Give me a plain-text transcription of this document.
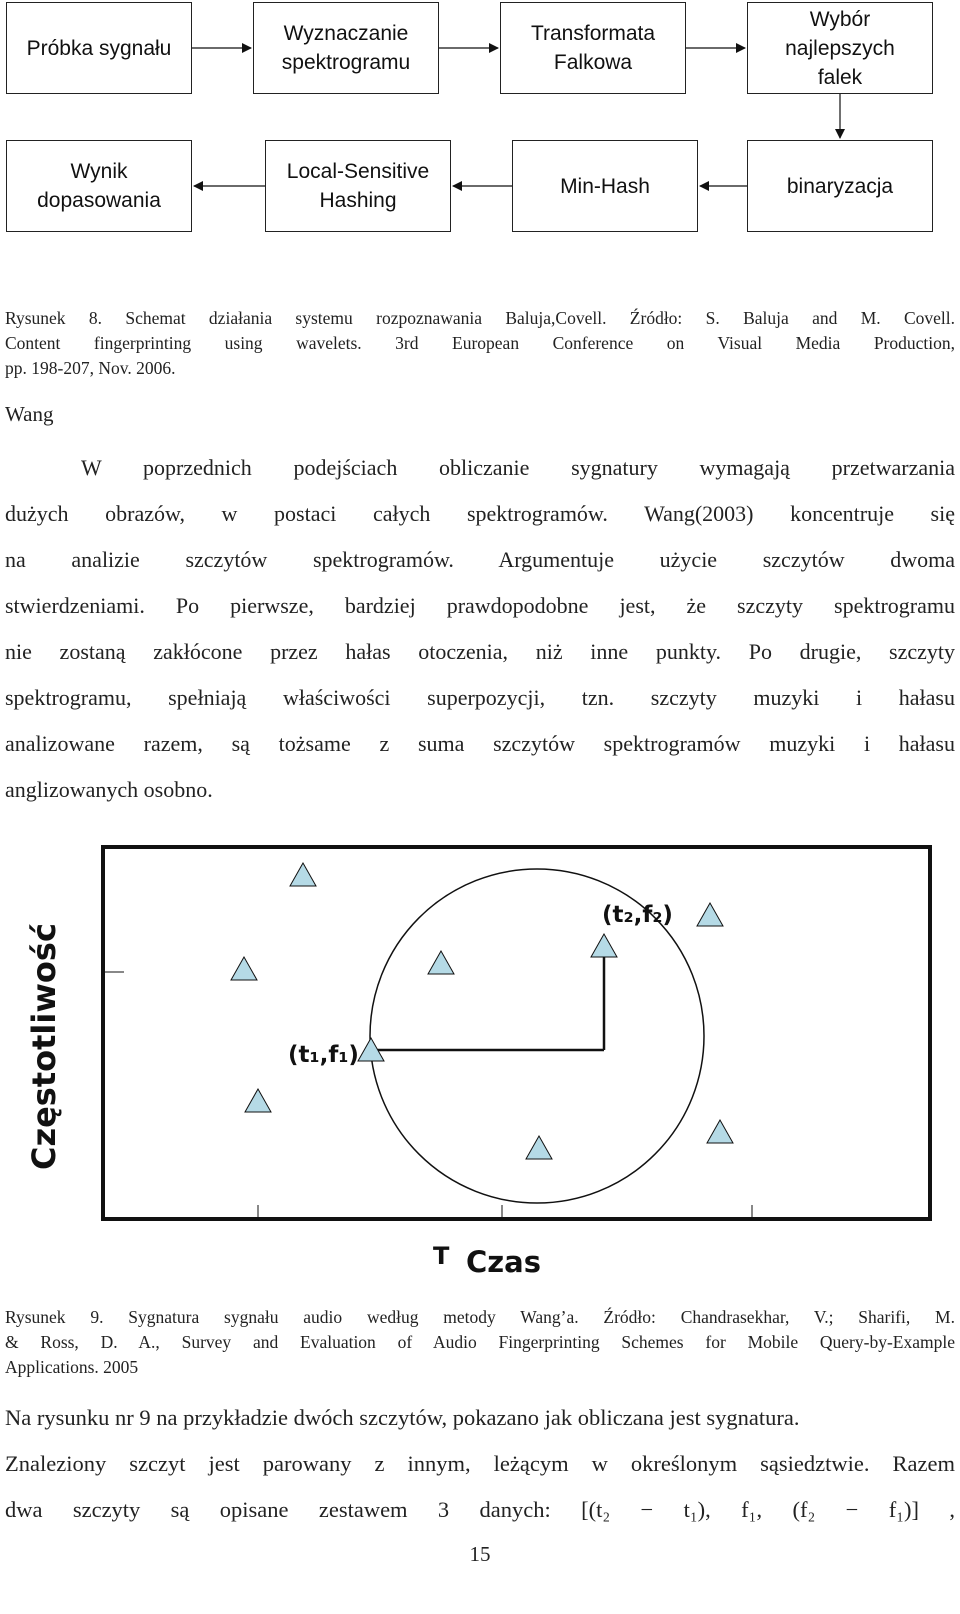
Próbka sygnału
Wyznaczanie
spektrogramu
Transformata
Falkowa
Wybór
najlepszych
falek
Wynik
dopasowania
Local-Sensitive
Hashing
Min-Hash	binaryzacja
Rysunek 8. Schemat działania systemu rozpoznawania Baluja,Covell. Źródło: S. Baluja and M. Covell.
Content fingerprinting using wavelets. 3rd European Conference on Visual Media Production,
pp. 198-207, Nov. 2006.
Wang
W poprzednich podejściach obliczanie sygnatury wymagają przetwarzania
dużych obrazów, w postaci całych spektrogramów. Wang(2003) koncentruje się
na analizie szczytów spektrogramów. Argumentuje użycie szczytów dwoma
stwierdzeniami. Po pierwsze, bardziej prawdopodobne jest, że szczyty spektrogramu
nie zostaną zakłócone przez hałas otoczenia, niż inne punkty. Po drugie, szczyty
spektrogramu, spełniają właściwości superpozycji, tzn. szczyty muzyki i hałasu
analizowane razem, są tożsame z suma szczytów spektrogramów muzyki i hałasu
anglizowanych osobno.
(t₁,f₁)
(t₂,f₂)
Częstotliwość
T Czas
Rysunek 9. Sygnatura sygnału audio według metody Wang’a. Źródło: Chandrasekhar, V.; Sharifi, M.
& Ross, D. A., Survey and Evaluation of Audio Fingerprinting Schemes for Mobile Query-by-Example
Applications. 2005
Na rysunku nr 9 na przykładzie dwóch szczytów, pokazano jak obliczana jest sygnatura.
Znaleziony szczyt jest parowany z innym, leżącym w określonym sąsiedztwie. Razem
dwa szczyty są opisane zestawem 3 danych: [(t₂ − t₁), f₁, (f₂ − f₁)] ,
15
